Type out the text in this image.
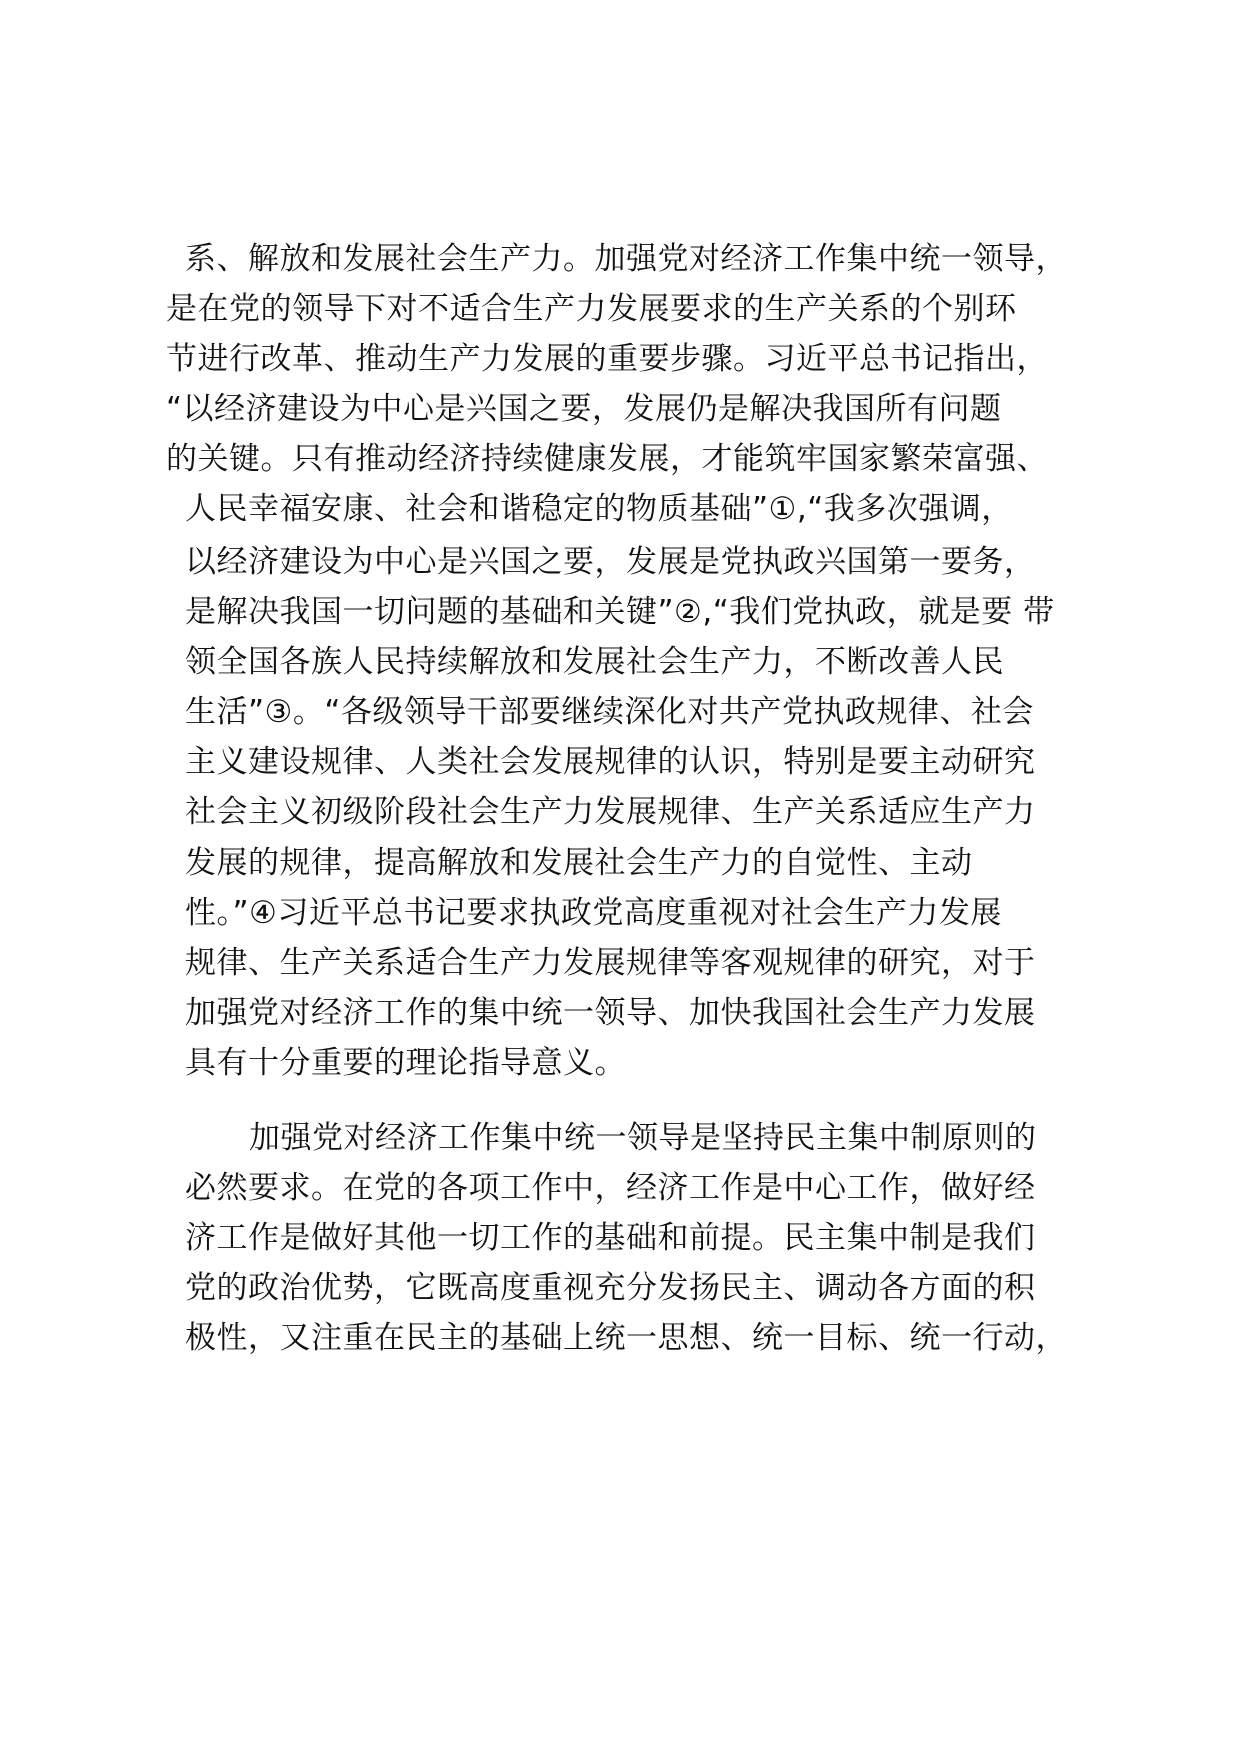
系、解放和发展社会生产力。加强党对经济工作集中统一领导，
是在党的领导下对不适合生产力发展要求的生产关系的个别环
节进行改革、推动生产力发展的重要步骤。习近平总书记指出，
“以经济建设为中心是兴国之要，发展仍是解决我国所有问题
的关键。只有推动经济持续健康发展，才能筑牢国家繁荣富强、
人民幸福安康、社会和谐稳定的物质基础”①,“我多次强调，
以经济建设为中心是兴国之要，发展是党执政兴国第一要务，
是解决我国一切问题的基础和关键”②,“我们党执政，就是要 带
领全国各族人民持续解放和发展社会生产力，不断改善人民
生活”③。“各级领导干部要继续深化对共产党执政规律、社会
主义建设规律、人类社会发展规律的认识，特别是要主动研究
社会主义初级阶段社会生产力发展规律、生产关系适应生产力
发展的规律，提高解放和发展社会生产力的自觉性、主动
性。”④习近平总书记要求执政党高度重视对社会生产力发展
规律、生产关系适合生产力发展规律等客观规律的研究，对于
加强党对经济工作的集中统一领导、加快我国社会生产力发展
具有十分重要的理论指导意义。
加强党对经济工作集中统一领导是坚持民主集中制原则的
必然要求。在党的各项工作中，经济工作是中心工作，做好经
济工作是做好其他一切工作的基础和前提。民主集中制是我们
党的政治优势，它既高度重视充分发扬民主、调动各方面的积
极性，又注重在民主的基础上统一思想、统一目标、统一行动，
